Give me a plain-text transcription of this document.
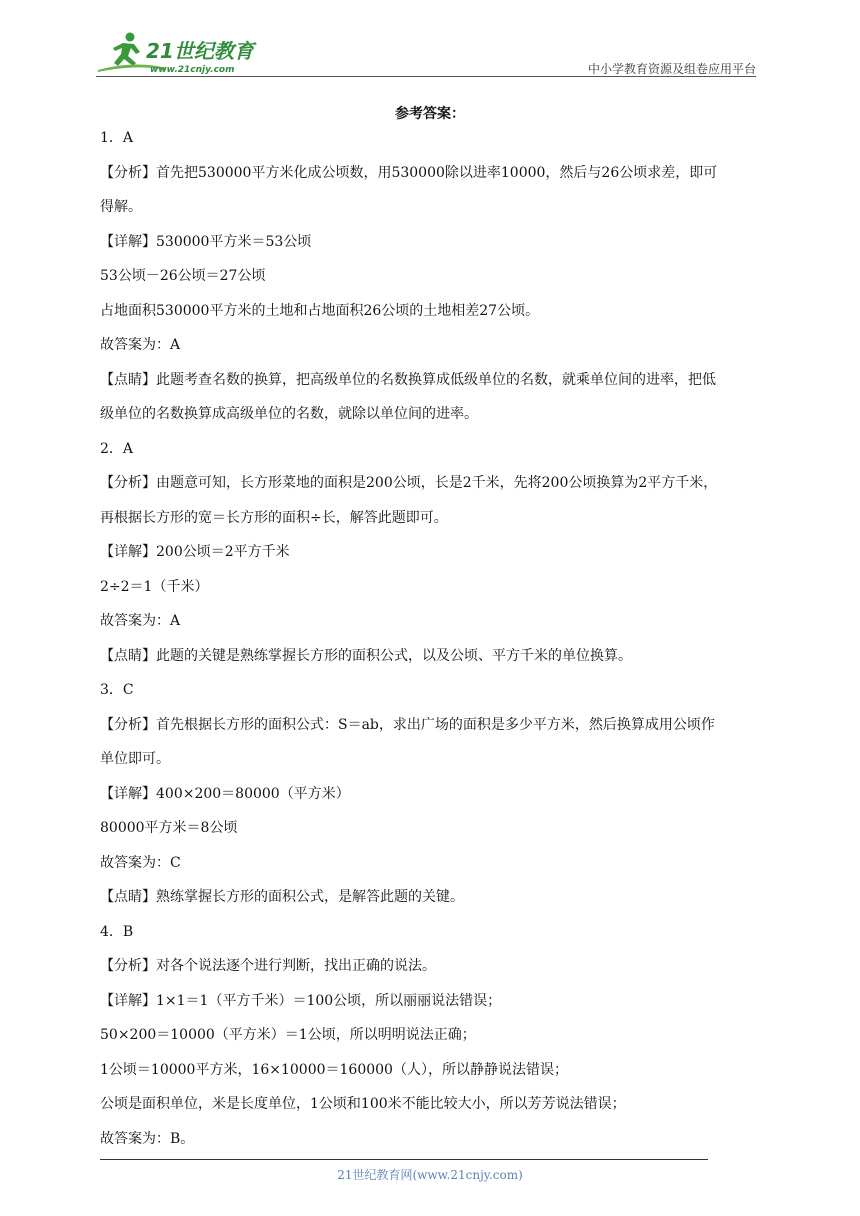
21世纪教育
www.21cnjy.com	中小学教育资源及组卷应用平台
参考答案：

1．A

【分析】首先把530000平方米化成公顷数，用530000除以进率10000，然后与26公顷求差，即可

得解。

【详解】530000平方米＝53公顷

53公顷－26公顷＝27公顷

占地面积530000平方米的土地和占地面积26公顷的土地相差27公顷。

故答案为：A

【点睛】此题考查名数的换算，把高级单位的名数换算成低级单位的名数，就乘单位间的进率，把低

级单位的名数换算成高级单位的名数，就除以单位间的进率。

2．A

【分析】由题意可知，长方形菜地的面积是200公顷，长是2千米，先将200公顷换算为2平方千米，

再根据长方形的宽＝长方形的面积÷长，解答此题即可。

【详解】200公顷＝2平方千米

2÷2＝1（千米）

故答案为：A

【点睛】此题的关键是熟练掌握长方形的面积公式，以及公顷、平方千米的单位换算。

3．C

【分析】首先根据长方形的面积公式：S＝ab，求出广场的面积是多少平方米，然后换算成用公顷作

单位即可。

【详解】400×200＝80000（平方米）

80000平方米＝8公顷

故答案为：C

【点睛】熟练掌握长方形的面积公式，是解答此题的关键。

4．B

【分析】对各个说法逐个进行判断，找出正确的说法。

【详解】1×1＝1（平方千米）＝100公顷，所以丽丽说法错误；

50×200＝10000（平方米）＝1公顷，所以明明说法正确；

1公顷＝10000平方米，16×10000＝160000（人），所以静静说法错误；

公顷是面积单位，米是长度单位，1公顷和100米不能比较大小，所以芳芳说法错误；

故答案为：B。

21世纪教育网(www.21cnjy.com)
